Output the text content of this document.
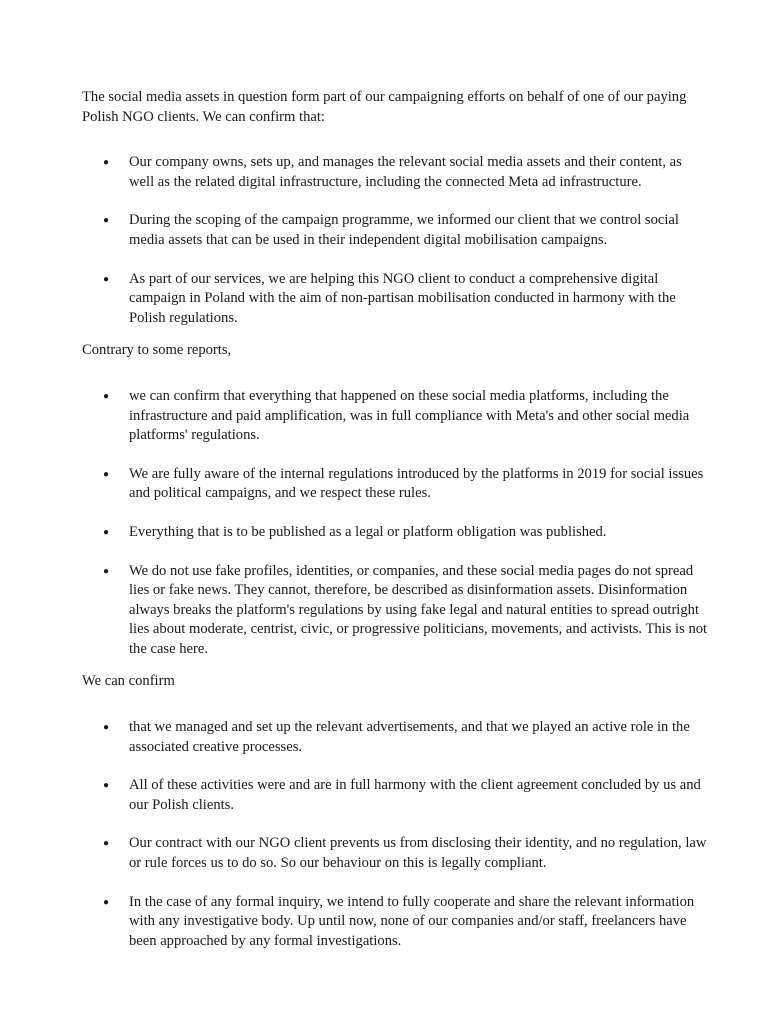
The social media assets in question form part of our campaigning efforts on behalf of one of our paying Polish NGO clients. We can confirm that:

● Our company owns, sets up, and manages the relevant social media assets and their content, as well as the related digital infrastructure, including the connected Meta ad infrastructure.
● During the scoping of the campaign programme, we informed our client that we control social media assets that can be used in their independent digital mobilisation campaigns.
● As part of our services, we are helping this NGO client to conduct a comprehensive digital campaign in Poland with the aim of non-partisan mobilisation conducted in harmony with the Polish regulations.

Contrary to some reports,

● we can confirm that everything that happened on these social media platforms, including the infrastructure and paid amplification, was in full compliance with Meta's and other social media platforms' regulations.
● We are fully aware of the internal regulations introduced by the platforms in 2019 for social issues and political campaigns, and we respect these rules.
● Everything that is to be published as a legal or platform obligation was published.
● We do not use fake profiles, identities, or companies, and these social media pages do not spread lies or fake news. They cannot, therefore, be described as disinformation assets. Disinformation always breaks the platform's regulations by using fake legal and natural entities to spread outright lies about moderate, centrist, civic, or progressive politicians, movements, and activists. This is not the case here.

We can confirm

● that we managed and set up the relevant advertisements, and that we played an active role in the associated creative processes.
● All of these activities were and are in full harmony with the client agreement concluded by us and our Polish clients.
● Our contract with our NGO client prevents us from disclosing their identity, and no regulation, law or rule forces us to do so. So our behaviour on this is legally compliant.
● In the case of any formal inquiry, we intend to fully cooperate and share the relevant information with any investigative body. Up until now, none of our companies and/or staff, freelancers have been approached by any formal investigations.
